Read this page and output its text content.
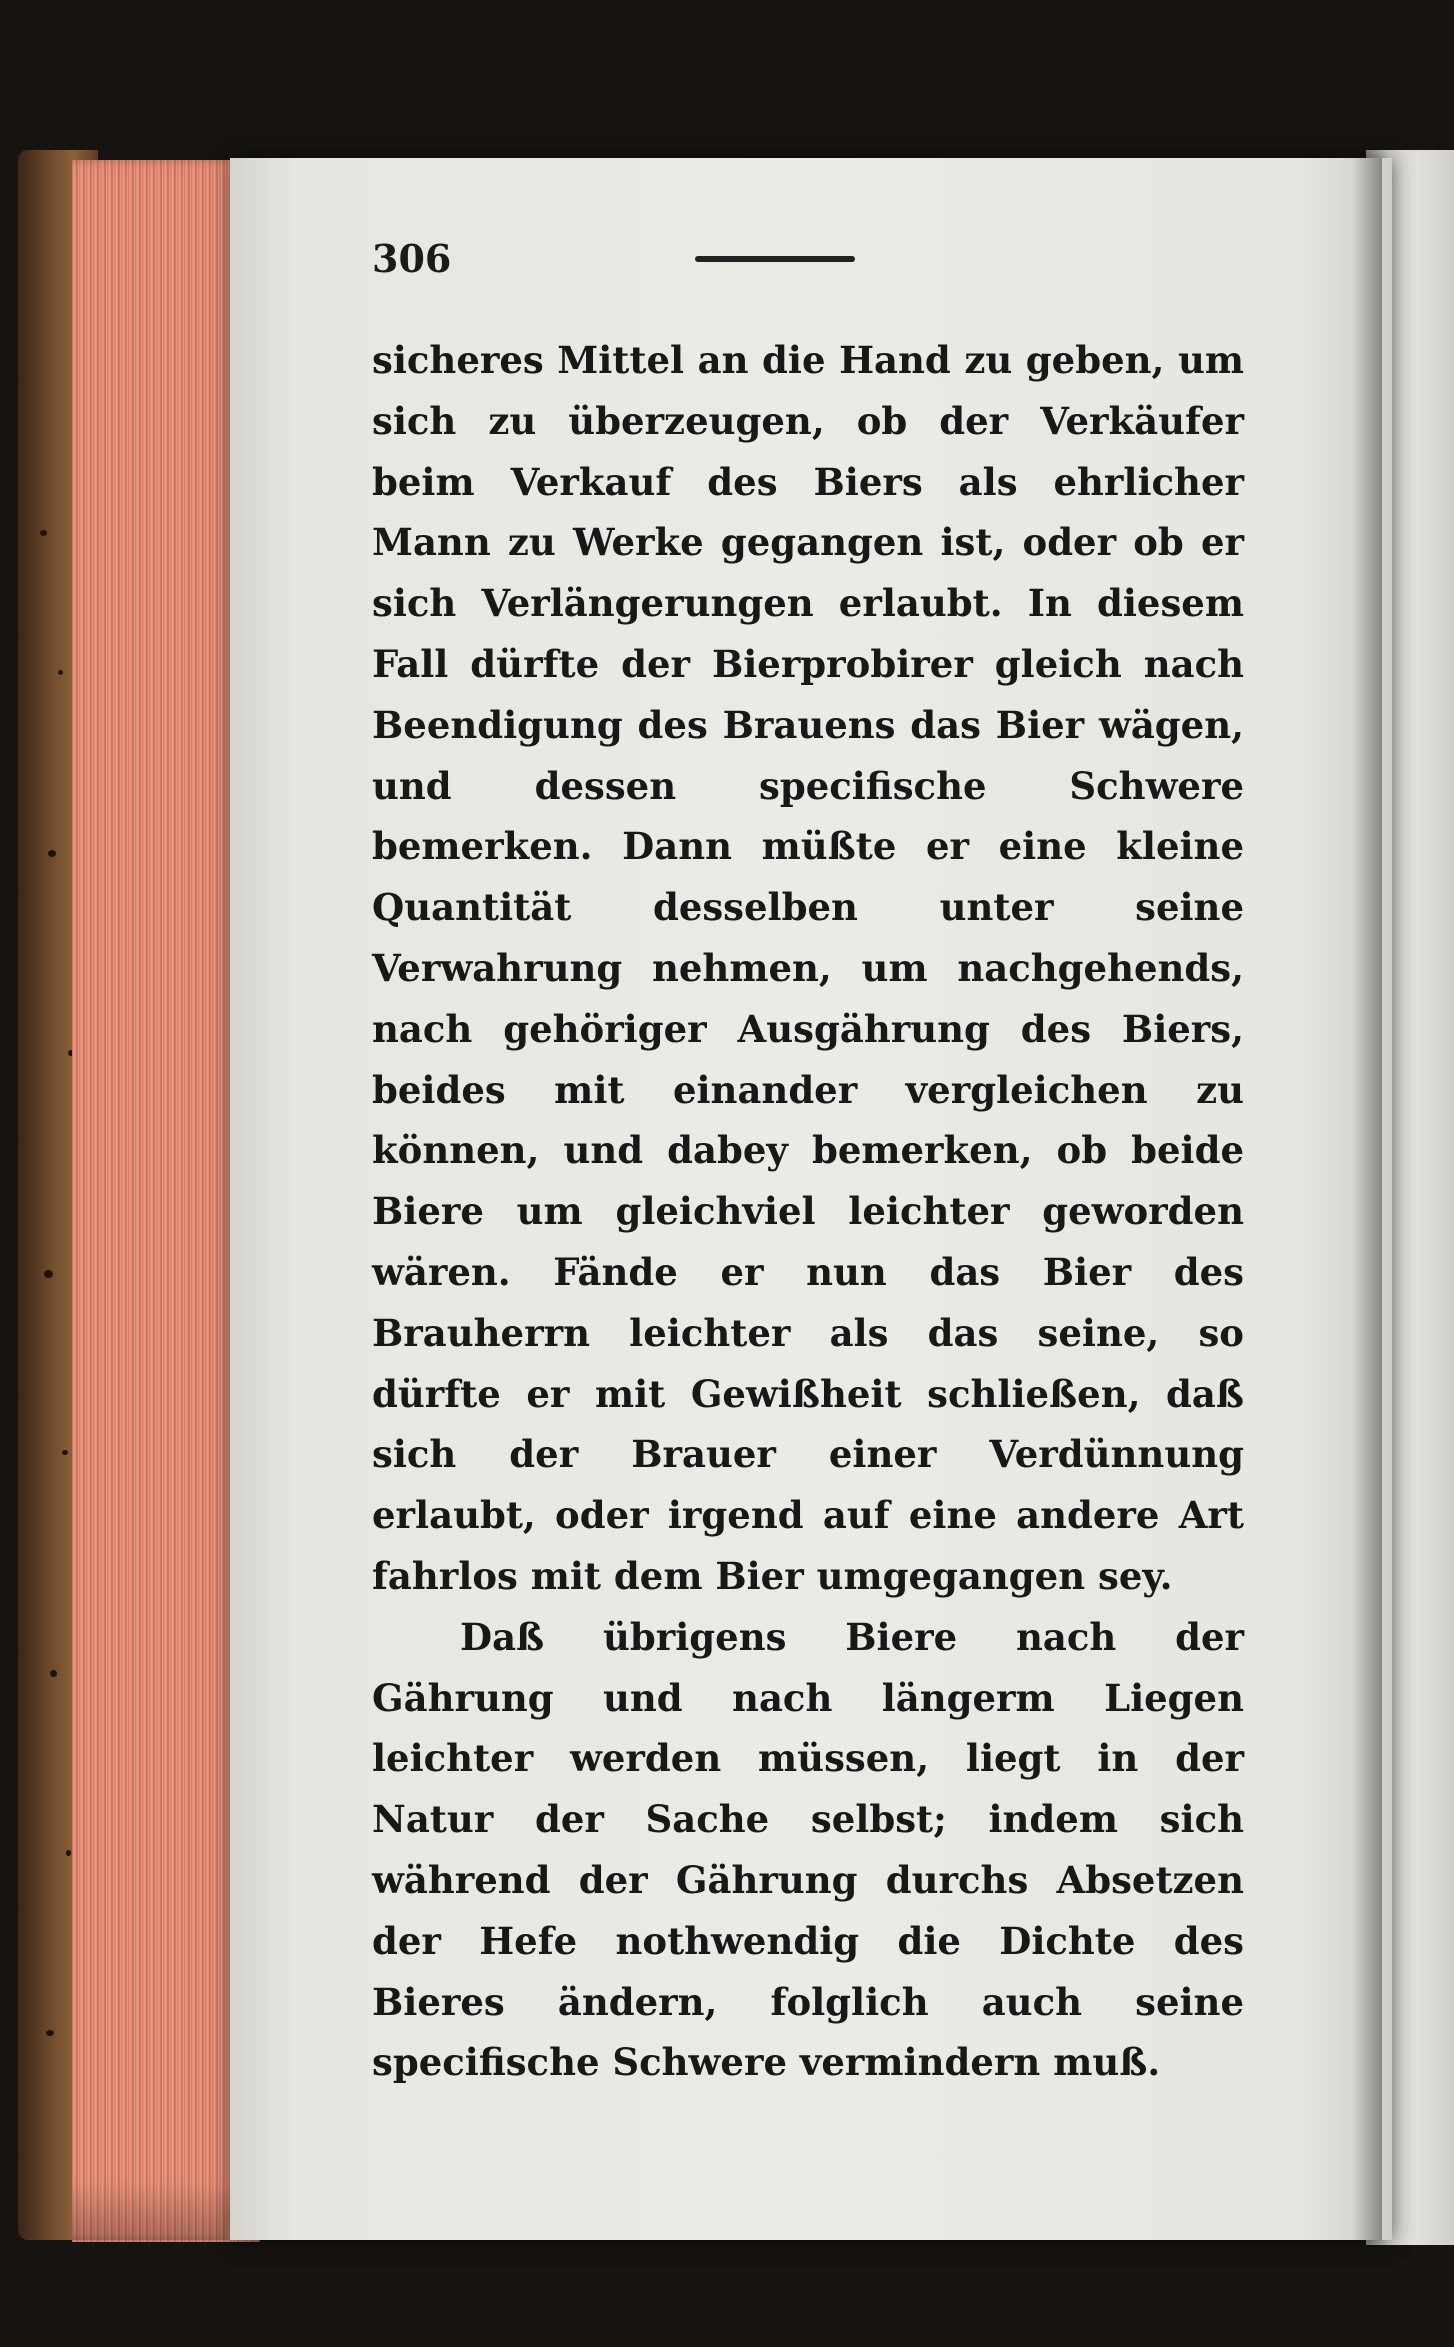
306

sicheres Mittel an die Hand zu geben, um sich zu überzeugen, ob der Verkäufer beim Verkauf des Biers als ehrlicher Mann zu Werke gegangen ist, oder ob er sich Verlängerungen erlaubt. In diesem Fall dürfte der Bierprobirer gleich nach Beendigung des Brauens das Bier wägen, und dessen specifische Schwere bemerken. Dann müßte er eine kleine Quantität desselben unter seine Verwahrung nehmen, um nachgehends, nach gehöriger Ausgährung des Biers, beides mit einander vergleichen zu können, und dabey bemerken, ob beide Biere um gleichviel leichter geworden wären. Fände er nun das Bier des Brauherrn leichter als das seine, so dürfte er mit Gewißheit schließen, daß sich der Brauer einer Verdünnung erlaubt, oder irgend auf eine andere Art fahrlos mit dem Bier umgegangen sey.

Daß übrigens Biere nach der Gährung und nach längerm Liegen leichter werden müssen, liegt in der Natur der Sache selbst; indem sich während der Gährung durchs Absetzen der Hefe nothwendig die Dichte des Bieres ändern, folglich auch seine specifische Schwere vermindern muß.
